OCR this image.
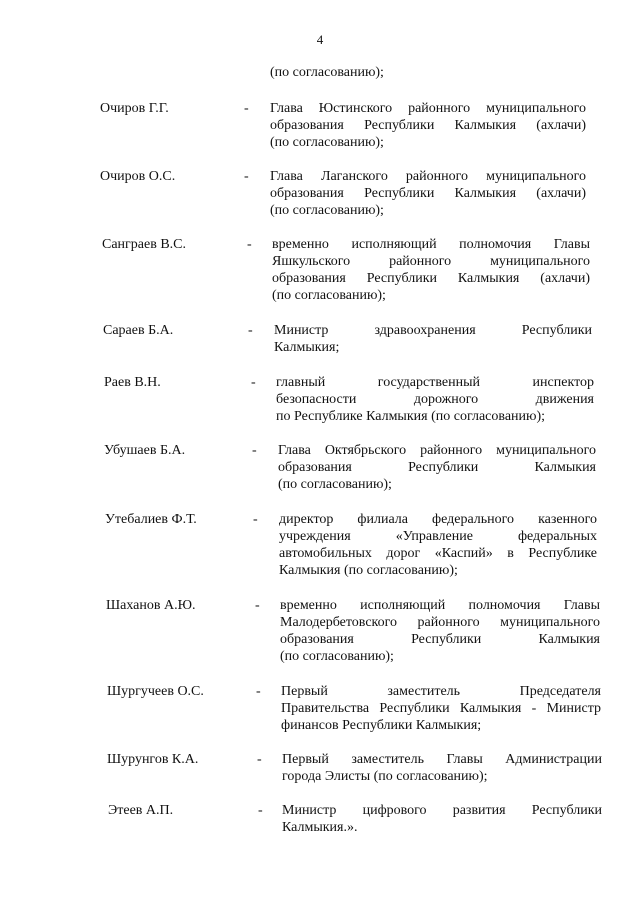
4
(по согласованию);
Очиров Г.Г.	- Глава Юстинского районного муниципального
образования Республики Калмыкия (ахлачи)
(по согласованию);
Очиров О.С.	- Глава Лаганского районного муниципального
образования Республики Калмыкия (ахлачи)
(по согласованию);
Санграев В.С.	- временно исполняющий полномочия Главы
Яшкульского районного муниципального
образования Республики Калмыкия (ахлачи)
(по согласованию);
Сараев Б.А.	- Министр здравоохранения Республики
Калмыкия;
Раев В.Н.	- главный государственный инспектор
безопасности дорожного движения
по Республике Калмыкия (по согласованию);
Убушаев Б.А.	- Глава Октябрьского районного муниципального
образования Республики Калмыкия
(по согласованию);
Утебалиев Ф.Т.	- директор филиала федерального казенного
учреждения «Управление федеральных
автомобильных дорог «Каспий» в Республике
Калмыкия (по согласованию);
Шаханов А.Ю.	- временно исполняющий полномочия Главы
Малодербетовского районного муниципального
образования Республики Калмыкия
(по согласованию);
Шургучеев О.С.	- Первый заместитель Председателя
Правительства Республики Калмыкия - Министр
финансов Республики Калмыкия;
Шурунгов К.А.	- Первый заместитель Главы Администрации
города Элисты (по согласованию);
Этеев А.П.	- Министр цифрового развития Республики
Калмыкия.».
